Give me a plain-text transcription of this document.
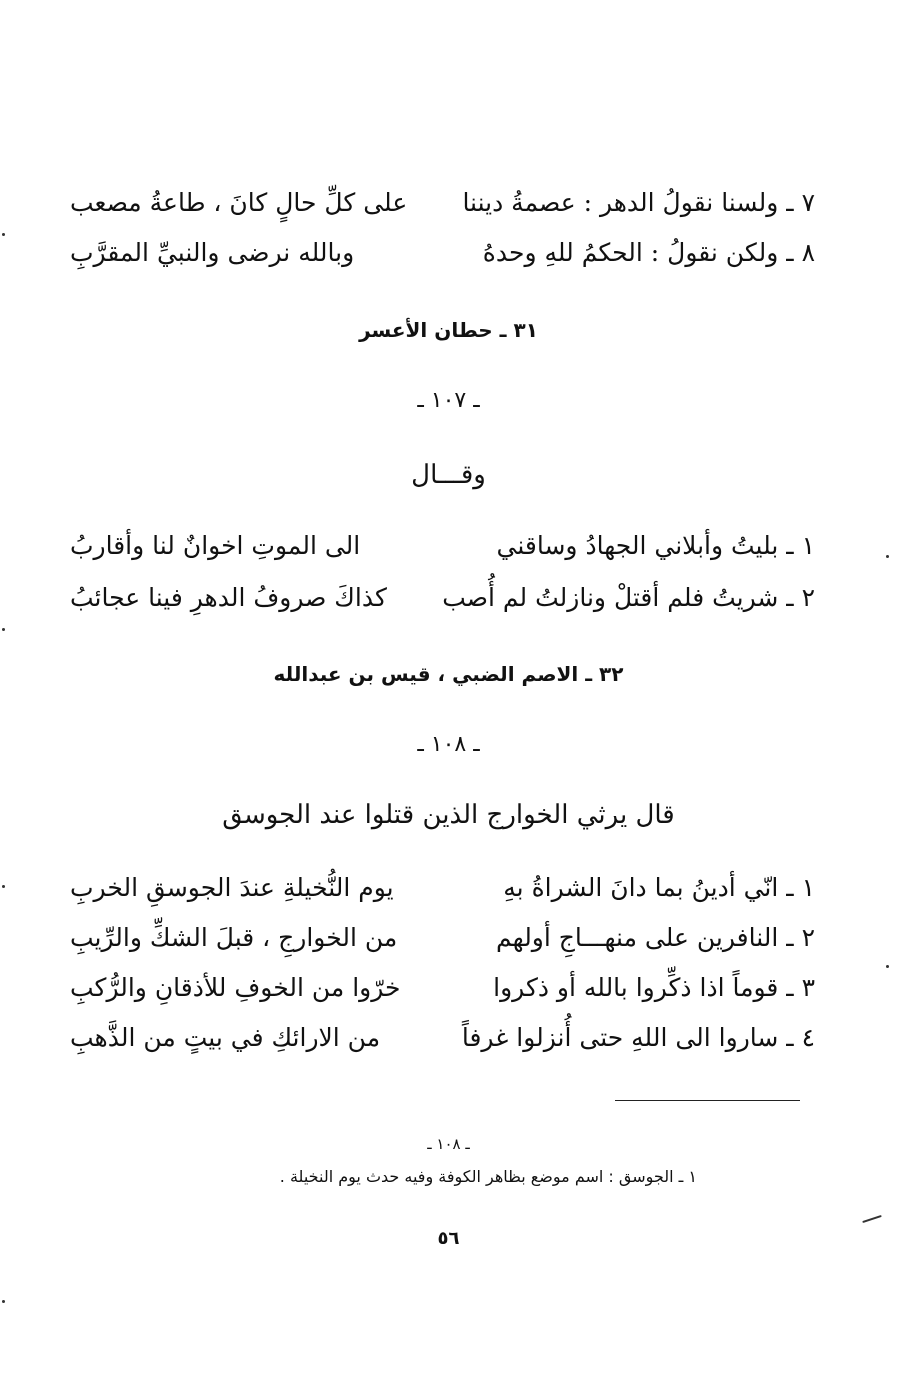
٧ ـ ولسنا نقولُ الدهر : عصمةُ ديننا
على كلِّ حالٍ كانَ ، طاعةُ مصعب
٨ ـ ولكن نقولُ : الحكمُ للهِ وحدهُ
وبالله نرضى والنبيِّ المقرَّبِ
٣١ ـ حطان الأعسر
ـ ١٠٧ ـ
وقـــال
١ ـ بليتُ وأبلاني الجهادُ وساقني
الى الموتِ اخوانٌ لنا وأقاربُ
٢ ـ شريتُ فلم أقتلْ ونازلتُ لم أُصب
كذاكَ صروفُ الدهرِ فينا عجائبُ
٣٢ ـ الاصم الضبي ، قيس بن عبدالله
ـ ١٠٨ ـ
قال يرثي الخوارج الذين قتلوا عند الجوسق
١ ـ انّي أدينُ بما دانَ الشراةُ بهِ
يوم النُّخيلةِ عندَ الجوسقِ الخربِ
٢ ـ النافرين على منهـــاجِ أولهم
من الخوارجِ ، قبلَ الشكِّ والرِّيبِ
٣ ـ قوماً اذا ذكِّروا بالله أو ذكروا
خرّوا من الخوفِ للأذقانِ والرُّكبِ
٤ ـ ساروا الى اللهِ حتى أُنزلوا غرفاً
من الارائكِ في بيتٍ من الذَّهبِ
ـ ١٠٨ ـ
١ ـ الجوسق : اسم موضع بظاهر الكوفة وفيه حدث يوم النخيلة .
٥٦
